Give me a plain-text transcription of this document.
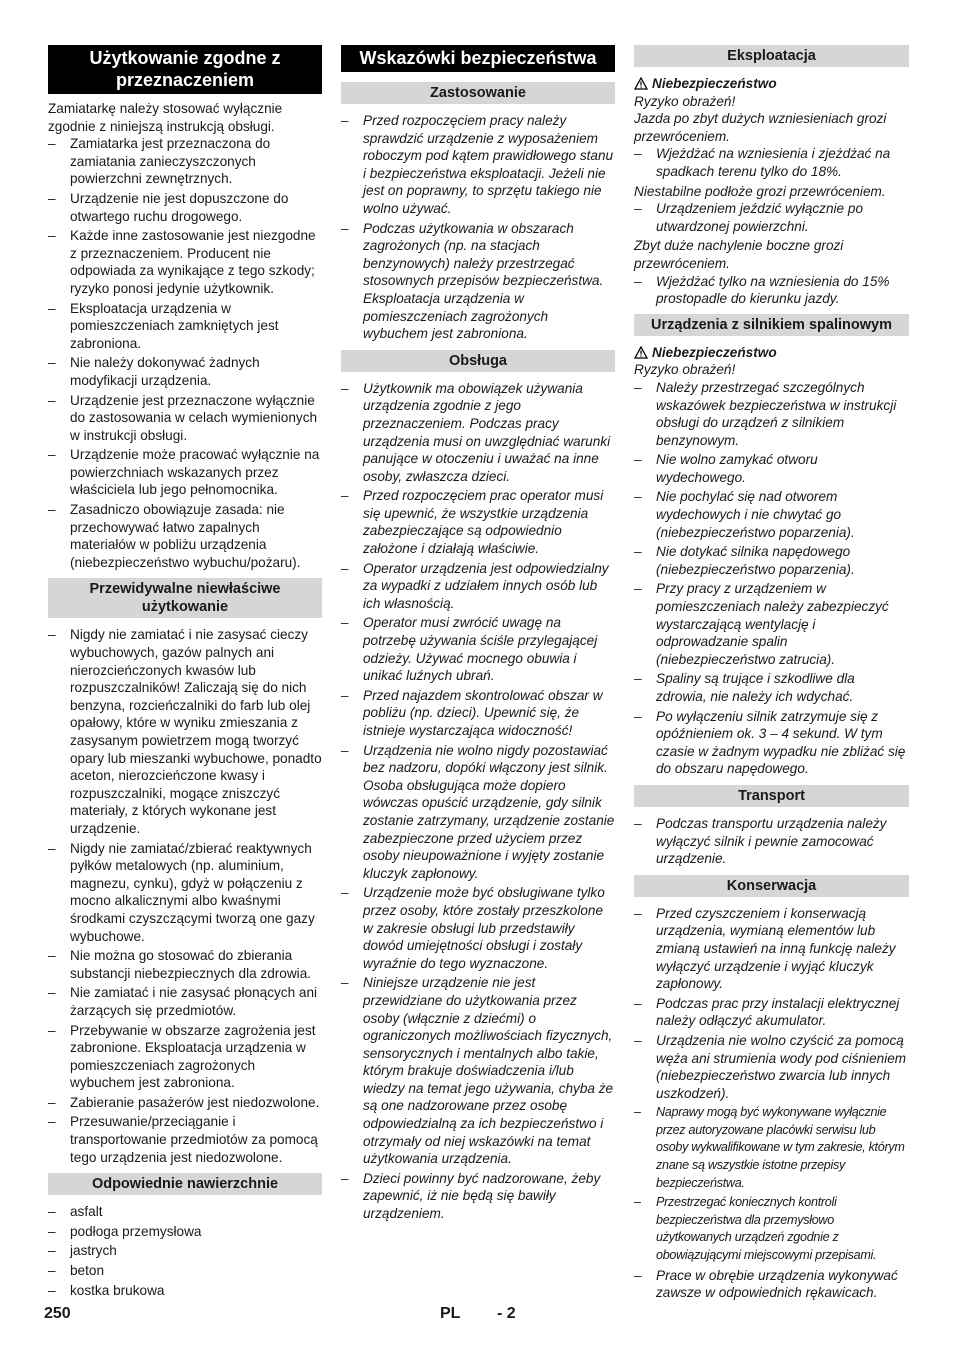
Użytkowanie zgodne z przeznaczeniem

Zamiatarkę należy stosować wyłącznie zgodnie z niniejszą instrukcją obsługi.

– Zamiatarka jest przeznaczona do zamiatania zanieczyszczonych powierzchni zewnętrznych.
– Urządzenie nie jest dopuszczone do otwartego ruchu drogowego.
– Każde inne zastosowanie jest niezgodne z przeznaczeniem. Producent nie odpowiada za wynikające z tego szkody; ryzyko ponosi jedynie użytkownik.
– Eksploatacja urządzenia w pomieszczeniach zamkniętych jest zabroniona.
– Nie należy dokonywać żadnych modyfikacji urządzenia.
– Urządzenie jest przeznaczone wyłącznie do zastosowania w celach wymienionych w instrukcji obsługi.
– Urządzenie może pracować wyłącznie na powierzchniach wskazanych przez właściciela lub jego pełnomocnika.
– Zasadniczo obowiązuje zasada: nie przechowywać łatwo zapalnych materiałów w pobliżu urządzenia (niebezpieczeństwo wybuchu/pożaru).
Przewidywalne niewłaściwe użytkowanie
– Nigdy nie zamiatać i nie zasysać cieczy wybuchowych, gazów palnych ani nierozcieńczonych kwasów lub rozpuszczalników! Zaliczają się do nich benzyna, rozcieńczalniki do farb lub olej opałowy, które w wyniku zmieszania z zasysanym powietrzem mogą tworzyć opary lub mieszanki wybuchowe, ponadto aceton, nierozcieńczone kwasy i rozpuszczalniki, mogące zniszczyć materiały, z których wykonane jest urządzenie.
– Nigdy nie zamiatać/zbierać reaktywnych pyłków metalowych (np. aluminium, magnezu, cynku), gdyż w połączeniu z mocno alkalicznymi albo kwaśnymi środkami czyszczącymi tworzą one gazy wybuchowe.
– Nie można go stosować do zbierania substancji niebezpiecznych dla zdrowia.
– Nie zamiatać i nie zasysać płonących ani żarzących się przedmiotów.
– Przebywanie w obszarze zagrożenia jest zabronione. Eksploatacja urządzenia w pomieszczeniach zagrożonych wybuchem jest zabroniona.
– Zabieranie pasażerów jest niedozwolone.
– Przesuwanie/przeciąganie i transportowanie przedmiotów za pomocą tego urządzenia jest niedozwolone.
Odpowiednie nawierzchnie
– asfalt
– podłoga przemysłowa
– jastrych
– beton
– kostka brukowa
Wskazówki bezpieczeństwa
Zastosowanie
– Przed rozpoczęciem pracy należy sprawdzić urządzenie z wyposażeniem roboczym pod kątem prawidłowego stanu i bezpieczeństwa eksploatacji. Jeżeli nie jest on poprawny, to sprzętu takiego nie wolno używać.
– Podczas użytkowania w obszarach zagrożonych (np. na stacjach benzynowych) należy przestrzegać stosownych przepisów bezpieczeństwa. Eksploatacja urządzenia w pomieszczeniach zagrożonych wybuchem jest zabroniona.
Obsługa
– Użytkownik ma obowiązek używania urządzenia zgodnie z jego przeznaczeniem. Podczas pracy urządzenia musi on uwzględniać warunki panujące w otoczeniu i uważać na inne osoby, zwłaszcza dzieci.
– Przed rozpoczęciem prac operator musi się upewnić, że wszystkie urządzenia zabezpieczające są odpowiednio założone i działają właściwie.
– Operator urządzenia jest odpowiedzialny za wypadki z udziałem innych osób lub ich własnością.
– Operator musi zwrócić uwagę na potrzebę używania ściśle przylegającej odzieży. Używać mocnego obuwia i unikać luźnych ubrań.
– Przed najazdem skontrolować obszar w pobliżu (np. dzieci). Upewnić się, że istnieje wystarczająca widoczność!
– Urządzenia nie wolno nigdy pozostawiać bez nadzoru, dopóki włączony jest silnik. Osoba obsługująca może dopiero wówczas opuścić urządzenie, gdy silnik zostanie zatrzymany, urządzenie zostanie zabezpieczone przed użyciem przez osoby nieupoważnione i wyjęty zostanie kluczyk zapłonowy.
– Urządzenie może być obsługiwane tylko przez osoby, które zostały przeszkolone w zakresie obsługi lub przedstawiły dowód umiejętności obsługi i zostały wyraźnie do tego wyznaczone.
– Niniejsze urządzenie nie jest przewidziane do użytkowania przez osoby (włącznie z dziećmi) o ograniczonych możliwościach fizycznych, sensorycznych i mentalnych albo takie, którym brakuje doświadczenia i/lub wiedzy na temat jego używania, chyba że są one nadzorowane przez osobę odpowiedzialną za ich bezpieczeństwo i otrzymały od niej wskazówki na temat użytkowania urządzenia.
– Dzieci powinny być nadzorowane, żeby zapewnić, iż nie będą się bawiły urządzeniem.
Eksploatacja
Niebezpieczeństwo

Ryzyko obrażeń!

Jazda po zbyt dużych wzniesieniach grozi przewróceniem.

– Wjeżdżać na wzniesienia i zjeżdżać na spadkach terenu tylko do 18%.

Niestabilne podłoże grozi przewróceniem.

– Urządzeniem jeździć wyłącznie po utwardzonej powierzchni.

Zbyt duże nachylenie boczne grozi przewróceniem.

– Wjeżdżać tylko na wzniesienia do 15% prostopadle do kierunku jazdy.
Urządzenia z silnikiem spalinowym
Niebezpieczeństwo

Ryzyko obrażeń!

– Należy przestrzegać szczególnych wskazówek bezpieczeństwa w instrukcji obsługi do urządzeń z silnikiem benzynowym.
– Nie wolno zamykać otworu wydechowego.
– Nie pochylać się nad otworem wydechowych i nie chwytać go (niebezpieczeństwo poparzenia).
– Nie dotykać silnika napędowego (niebezpieczeństwo poparzenia).
– Przy pracy z urządzeniem w pomieszczeniach należy zabezpieczyć wystarczającą wentylację i odprowadzanie spalin (niebezpieczeństwo zatrucia).
– Spaliny są trujące i szkodliwe dla zdrowia, nie należy ich wdychać.
– Po wyłączeniu silnik zatrzymuje się z opóźnieniem ok. 3 – 4 sekund. W tym czasie w żadnym wypadku nie zbliżać się do obszaru napędowego.
Transport
– Podczas transportu urządzenia należy wyłączyć silnik i pewnie zamocować urządzenie.
Konserwacja
– Przed czyszczeniem i konserwacją urządzenia, wymianą elementów lub zmianą ustawień na inną funkcję należy wyłączyć urządzenie i wyjąć kluczyk zapłonowy.
– Podczas prac przy instalacji elektrycznej należy odłączyć akumulator.
– Urządzenia nie wolno czyścić za pomocą węża ani strumienia wody pod ciśnieniem (niebezpieczeństwo zwarcia lub innych uszkodzeń).
– Naprawy mogą być wykonywane wyłącznie przez autoryzowane placówki serwisu lub osoby wykwalifikowane w tym zakresie, którym znane są wszystkie istotne przepisy bezpieczeństwa.
– Przestrzegać koniecznych kontroli bezpieczeństwa dla przemysłowo użytkowanych urządzeń zgodnie z obowiązującymi miejscowymi przepisami.
– Prace w obrębie urządzenia wykonywać zawsze w odpowiednich rękawicach.
250	PL - 2
